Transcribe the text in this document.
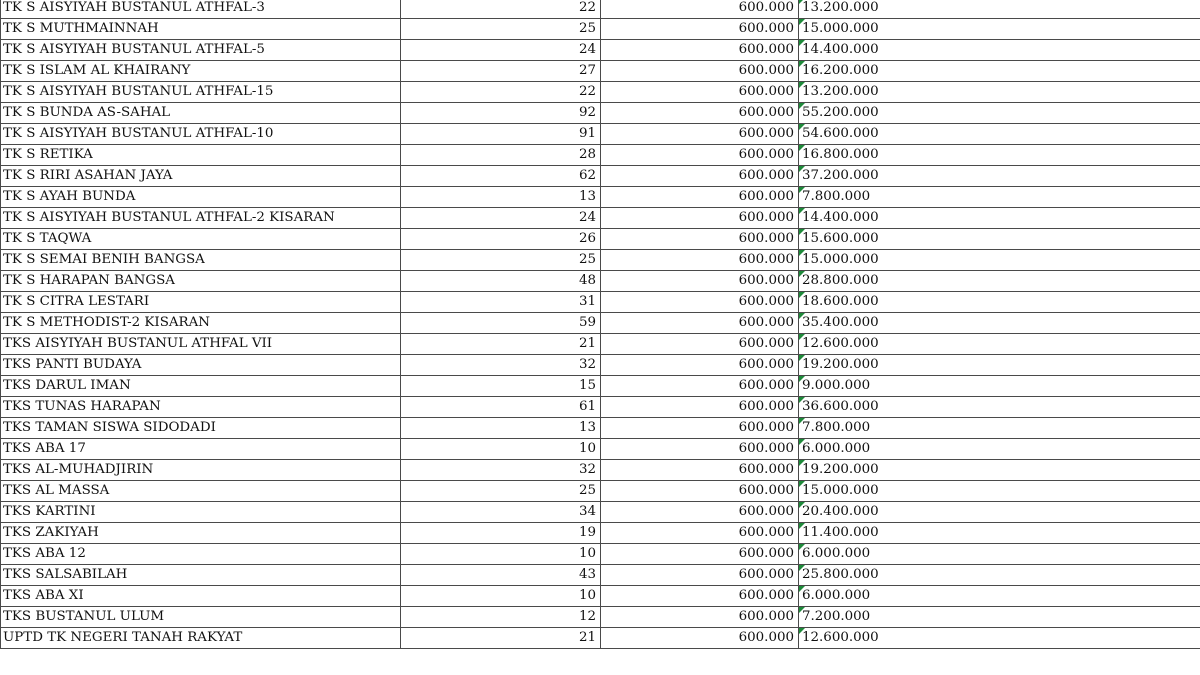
TK S AISYIYAH BUSTANUL ATHFAL-3	22	600.000	13.200.000
TK S MUTHMAINNAH	25	600.000	15.000.000
TK S AISYIYAH BUSTANUL ATHFAL-5	24	600.000	14.400.000
TK S ISLAM AL KHAIRANY	27	600.000	16.200.000
TK S AISYIYAH BUSTANUL ATHFAL-15	22	600.000	13.200.000
TK S BUNDA AS-SAHAL	92	600.000	55.200.000
TK S AISYIYAH BUSTANUL ATHFAL-10	91	600.000	54.600.000
TK S RETIKA	28	600.000	16.800.000
TK S RIRI ASAHAN JAYA	62	600.000	37.200.000
TK S AYAH BUNDA	13	600.000	7.800.000
TK S AISYIYAH BUSTANUL ATHFAL-2 KISARAN	24	600.000	14.400.000
TK S TAQWA	26	600.000	15.600.000
TK S SEMAI BENIH BANGSA	25	600.000	15.000.000
TK S HARAPAN BANGSA	48	600.000	28.800.000
TK S CITRA LESTARI	31	600.000	18.600.000
TK S METHODIST-2 KISARAN	59	600.000	35.400.000
TKS AISYIYAH BUSTANUL ATHFAL VII	21	600.000	12.600.000
TKS PANTI BUDAYA	32	600.000	19.200.000
TKS DARUL IMAN	15	600.000	9.000.000
TKS TUNAS HARAPAN	61	600.000	36.600.000
TKS TAMAN SISWA SIDODADI	13	600.000	7.800.000
TKS ABA 17	10	600.000	6.000.000
TKS AL-MUHADJIRIN	32	600.000	19.200.000
TKS AL MASSA	25	600.000	15.000.000
TKS KARTINI	34	600.000	20.400.000
TKS ZAKIYAH	19	600.000	11.400.000
TKS ABA 12	10	600.000	6.000.000
TKS SALSABILAH	43	600.000	25.800.000
TKS ABA XI	10	600.000	6.000.000
TKS BUSTANUL ULUM	12	600.000	7.200.000
UPTD TK NEGERI TANAH RAKYAT	21	600.000	12.600.000
